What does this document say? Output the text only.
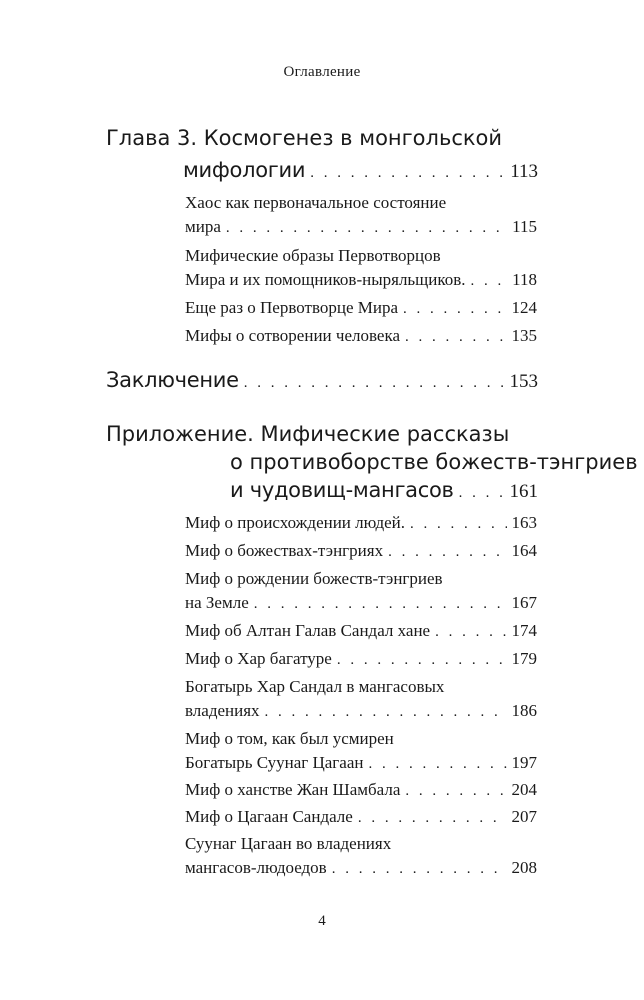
Оглавление
Глава 3. Космогенез в монгольской
мифологии . . .	113
Хаос как первоначальное состояние
мира . . .	115
Мифические образы Первотворцов
Мира и их помощников-ныряльщиков. . . .	118
Еще раз о Первотворце Мира . . .	124
Мифы о сотворении человека . . .	135
Заключение . . .	153
Приложение. Мифические рассказы
о противоборстве божеств-тэнгриев
и чудовищ-мангасов . . .	161
Миф о происхождении людей. . . .	163
Миф о божествах-тэнгриях . . .	164
Миф о рождении божеств-тэнгриев
на Земле . . .	167
Миф об Алтан Галав Сандал хане . . .	174
Миф о Хар багатуре . . .	179
Богатырь Хар Сандал в мангасовых
владениях . . .	186
Миф о том, как был усмирен
Богатырь Суунаг Цагаан . . .	197
Миф о ханстве Жан Шамбала . . .	204
Миф о Цагаан Сандале . . .	207
Суунаг Цагаан во владениях
мангасов-людоедов . . .	208
4
